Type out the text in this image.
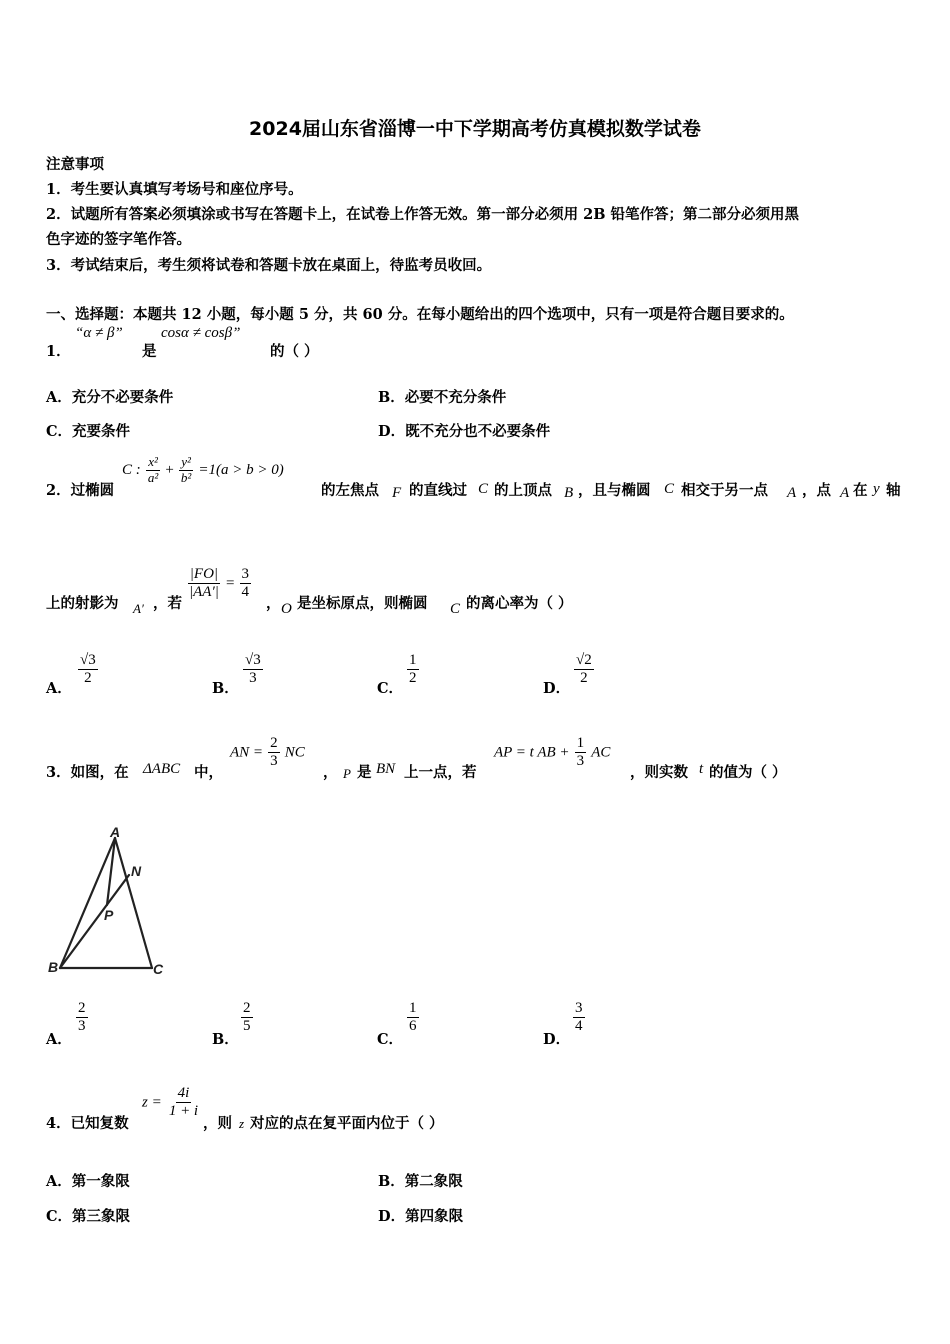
2024届山东省淄博一中下学期高考仿真模拟数学试卷
注意事项
1．考生要认真填写考场号和座位序号。
2．试题所有答案必须填涂或书写在答题卡上，在试卷上作答无效。第一部分必须用 2B 铅笔作答；第二部分必须用黑
色字迹的签字笔作答。
3．考试结束后，考生须将试卷和答题卡放在桌面上，待监考员收回。
一、选择题：本题共 12 小题，每小题 5 分，共 60 分。在每小题给出的四个选项中，只有一项是符合题目要求的。
1．
“α ≠ β”
是
cosα ≠ cosβ”
的（ ）
A．充分不必要条件	B．必要不充分条件
C．充要条件	D．既不充分也不必要条件
2．过椭圆
C : $\frac{\text{x²}}{\text{a²}} + \frac{\text{y²}}{\text{b²}} =1(a > b > 0)$
的左焦点 F 的直线过 C 的上顶点 B ，且与椭圆 C 相交于另一点 A ，点 A 在 y 轴
上的射影为 A′ ，若
$\frac{|FO|}{|AA'|} = \frac{3}{4}$
， O 是坐标原点，则椭圆 C 的离心率为（ ）
A．
$\frac{√3}{2}$
B．
$\frac{√3}{3}$
C．
$\frac{1}{2}$
D．
$\frac{√2}{2}$
3．如图，在 ΔABC 中，
AN = $\frac{2}{3}$ NC
， P 是 BN 上一点，若
AP = t AB + $\frac{1}{3}$ AC
，则实数 t 的值为（ ）
A
N
P
B	C
A．
$\frac{2}{3}$
B．
$\frac{2}{5}$
C．
$\frac{1}{6}$
D．
$\frac{3}{4}$
4．已知复数
$z = \frac{4i}{1 + i}$
，则 z 对应的点在复平面内位于（ ）
A．第一象限	B．第二象限
C．第三象限	D．第四象限
